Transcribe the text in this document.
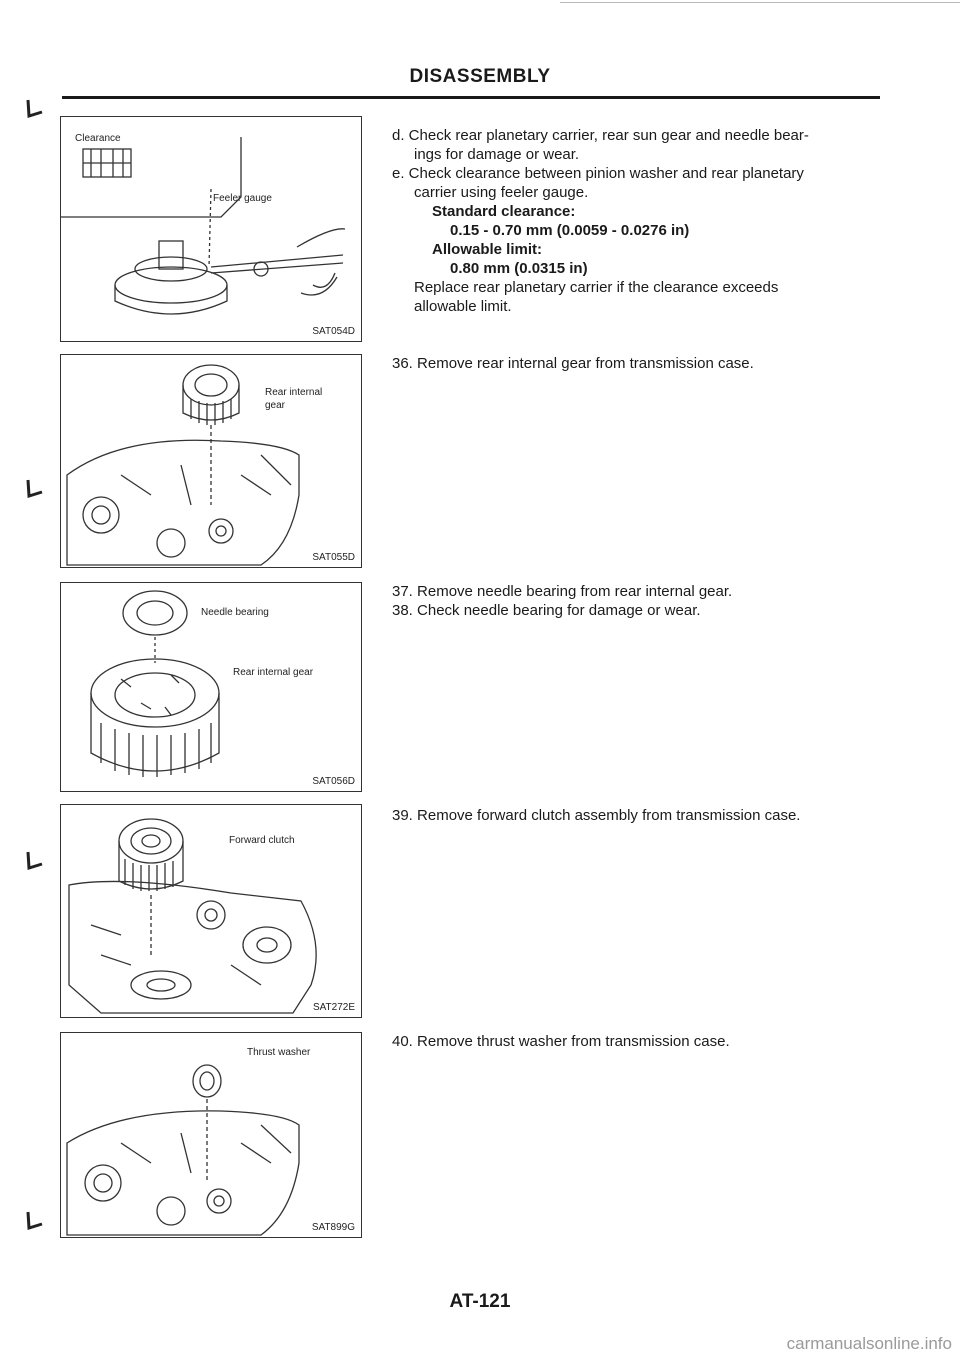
DISASSEMBLY
Clearance
Feeler gauge
SAT054D
Rear internal
gear
SAT055D
Needle bearing
Rear internal gear
SAT056D
Forward clutch
SAT272E
Thrust washer
SAT899G
d. Check rear planetary carrier, rear sun gear and needle bear-
ings for damage or wear.
e. Check clearance between pinion washer and rear planetary
carrier using feeler gauge.
Standard clearance:
0.15 - 0.70 mm (0.0059 - 0.0276 in)
Allowable limit:
0.80 mm (0.0315 in)
Replace rear planetary carrier if the clearance exceeds
allowable limit.
36. Remove rear internal gear from transmission case.
37. Remove needle bearing from rear internal gear.
38. Check needle bearing for damage or wear.
39. Remove forward clutch assembly from transmission case.
40. Remove thrust washer from transmission case.
AT-121
carmanualsonline.info
